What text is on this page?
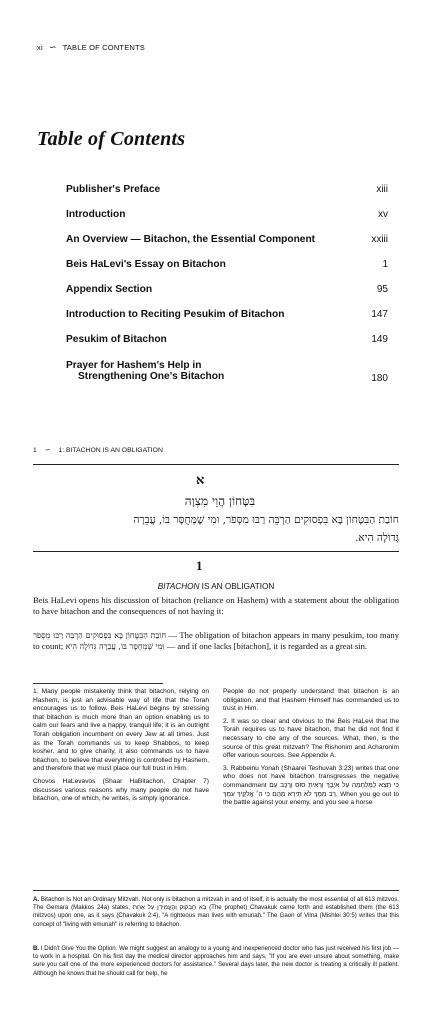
xi ∽ TABLE OF CONTENTS
Table of Contents
Publisher's Preface	xiii
Introduction	xv
An Overview — Bitachon, the Essential Component	xxiii
Beis HaLevi's Essay on Bitachon	1
Appendix Section	95
Introduction to Reciting Pesukim of Bitachon	147
Pesukim of Bitachon	149
Prayer for Hashem's Help in
Strengthening One's Bitachon	180
1 ∽ 1: BITACHON IS AN OBLIGATION
א
בִּטָּחוֹן הֲוֵי מִצְוָה
חוֹבַת הַבִּטָּחוֹן בָּא בִּפְסוּקִים הַרְבֵּה רַבּוּ מִסְּפֹר, וּמִי שֶׁמְּחֻסָּר בּוֹ, עֲבֵרָה
גְּדוֹלָה הִיא.
1
BITACHON IS AN OBLIGATION
Beis HaLevi opens his discussion of bitachon (reliance on Hashem) with a statement about the obligation to have bitachon and the consequences of not having it:
חוֹבַת הַבִּטָּחוֹן בָּא בִּפְסוּקִים הַרְבֵּה רַבּוּ מִסְּפֹר — The obligation of bitachon appears in many pesukim, too many to count; וּמִי שֶׁמְּחֻסָּר בּוֹ, עֲבֵרָה גְּדוֹלָה הִיא — and if one lacks [bitachon], it is regarded as a great sin.

1. Many people mistakenly think that bitachon, relying on Hashem, is just an advisable way of life that the Torah encourages us to follow. Beis HaLevi begins by stressing that bitachon is much more than an option enabling us to calm our fears and live a happy, tranquil life; it is an outright Torah obligation incumbent on every Jew at all times. Just as the Torah commands us to keep Shabbos, to keep kosher, and to give charity, it also commands us to have bitachon, to believe that everything is controlled by Hashem, and therefore that we must place our full trust in Him.

Chovos HaLevavos (Shaar HaBitachon, Chapter 7) discusses various reasons why many people do not have bitachon, one of which, he writes, is simply ignorance.

People do not properly understand that bitachon is an obligation, and that Hashem Himself has commanded us to trust in Him.

2. It was so clear and obvious to the Beis HaLevi that the Torah requires us to have bitachon, that he did not find it necessary to cite any of the sources. What, then, is the source of this great mitzvah? The Rishonim and Acharonim offer various sources. See Appendix A.

3. Rabbeinu Yonah (Shaarei Teshuvah 3:23) writes that one who does not have bitachon transgresses the negative commandment כִּי תֵצֵא לַמִּלְחָמָה עַל אֹיְבֶךָ וְרָאִיתָ סוּס וָרֶכֶב עַם רַב מִמְּךָ לֹא תִירָא מֵהֶם כִּי ה׳ אֱלֹקֶיךָ עִמָּךְ, When you go out to the battle against your enemy, and you see a horse

A. Bitachon Is Not an Ordinary Mitzvah. Not only is bitachon a mitzvah in and of itself, it is actually the most essential of all 613 mitzvos. The Gemara (Makkos 24a) states, בָּא חֲבַקּוּק וְהֶעֱמִידָן עַל אַחַת (The prophet) Chavakuk came forth and established them (the 613 mitzvos) upon one, as it says (Chavakuk 2:4), "A righteous man lives with emunah." The Gaon of Vilna (Mishlei 30:5) writes that this concept of "living with emunah" is referring to bitachon.
B. I Didn't Give You the Option. We might suggest an analogy to a young and inexperienced doctor who has just received his first job — to work in a hospital. On his first day the medical director approaches him and says, "If you are ever unsure about something, make sure you call one of the more experienced doctors for assistance." Several days later, the new doctor is treating a critically ill patient. Although he knows that he should call for help, he
